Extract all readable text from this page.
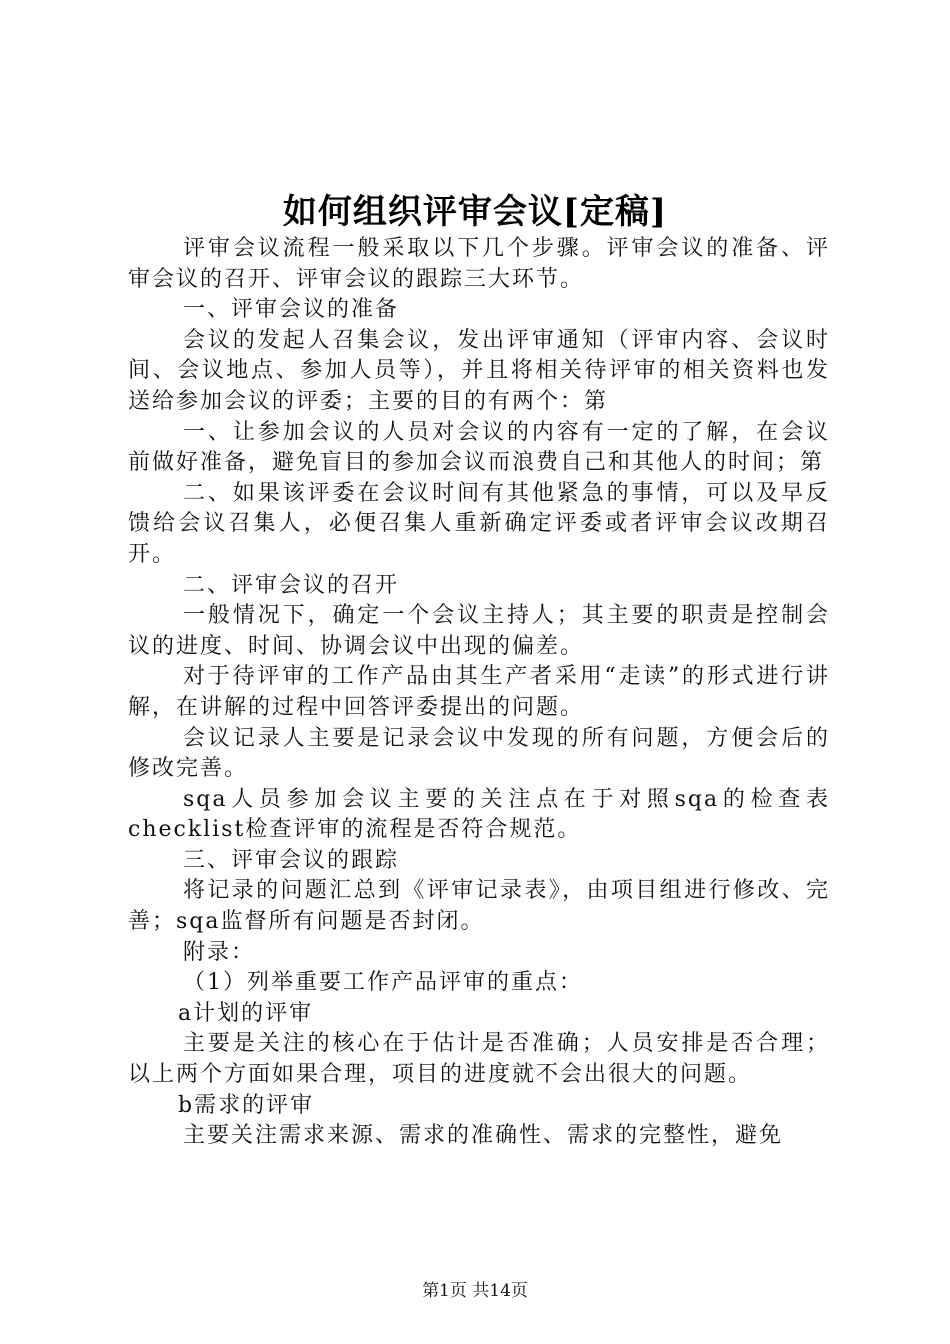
如何组织评审会议[定稿]

评审会议流程一般采取以下几个步骤。评审会议的准备、评审会议的召开、评审会议的跟踪三大环节。

一、评审会议的准备

会议的发起人召集会议，发出评审通知（评审内容、会议时间、会议地点、参加人员等），并且将相关待评审的相关资料也发送给参加会议的评委；主要的目的有两个：第

一、让参加会议的人员对会议的内容有一定的了解，在会议前做好准备，避免盲目的参加会议而浪费自己和其他人的时间；第

二、如果该评委在会议时间有其他紧急的事情，可以及早反馈给会议召集人，必便召集人重新确定评委或者评审会议改期召开。

二、评审会议的召开

一般情况下，确定一个会议主持人；其主要的职责是控制会议的进度、时间、协调会议中出现的偏差。

对于待评审的工作产品由其生产者采用“走读”的形式进行讲解，在讲解的过程中回答评委提出的问题。

会议记录人主要是记录会议中发现的所有问题，方便会后的修改完善。

sqa人员参加会议主要的关注点在于对照sqa的检查表checklist检查评审的流程是否符合规范。

三、评审会议的跟踪

将记录的问题汇总到《评审记录表》，由项目组进行修改、完善；sqa监督所有问题是否封闭。

附录：

（1）列举重要工作产品评审的重点：

a计划的评审

主要是关注的核心在于估计是否准确；人员安排是否合理；以上两个方面如果合理，项目的进度就不会出很大的问题。

b需求的评审

主要关注需求来源、需求的准确性、需求的完整性，避免

第1页 共14页
